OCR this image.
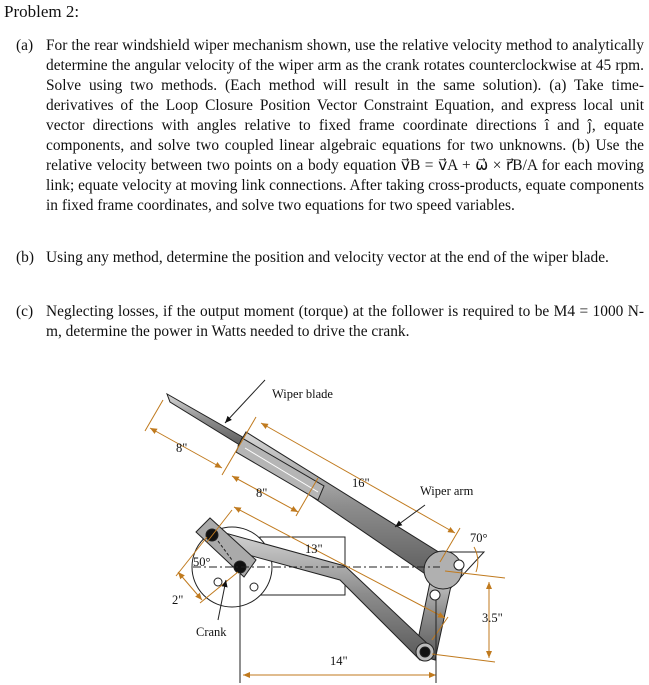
Problem 2:
(a) For the rear windshield wiper mechanism shown, use the relative velocity method to analytically determine the angular velocity of the wiper arm as the crank rotates counterclockwise at 45 rpm. Solve using two methods. (Each method will result in the same solution). (a) Take time-derivatives of the Loop Closure Position Vector Constraint Equation, and express local unit vector directions with angles relative to fixed frame coordinate directions î and ĵ, equate components, and solve two coupled linear algebraic equations for two unknowns. (b) Use the relative velocity between two points on a body equation v⃗B = v⃗A + ω⃗ × r⃗B/A for each moving link; equate velocity at moving link connections. After taking cross-products, equate components in fixed frame coordinates, and solve two equations for two speed variables.
(b) Using any method, determine the position and velocity vector at the end of the wiper blade.
(c) Neglecting losses, if the output moment (torque) at the follower is required to be M4 = 1000 N-m, determine the power in Watts needed to drive the crank.
Wiper blade
Wiper arm
Crank
8"
8"
16"
13"
2"
14"
3.5"
70°
50°
